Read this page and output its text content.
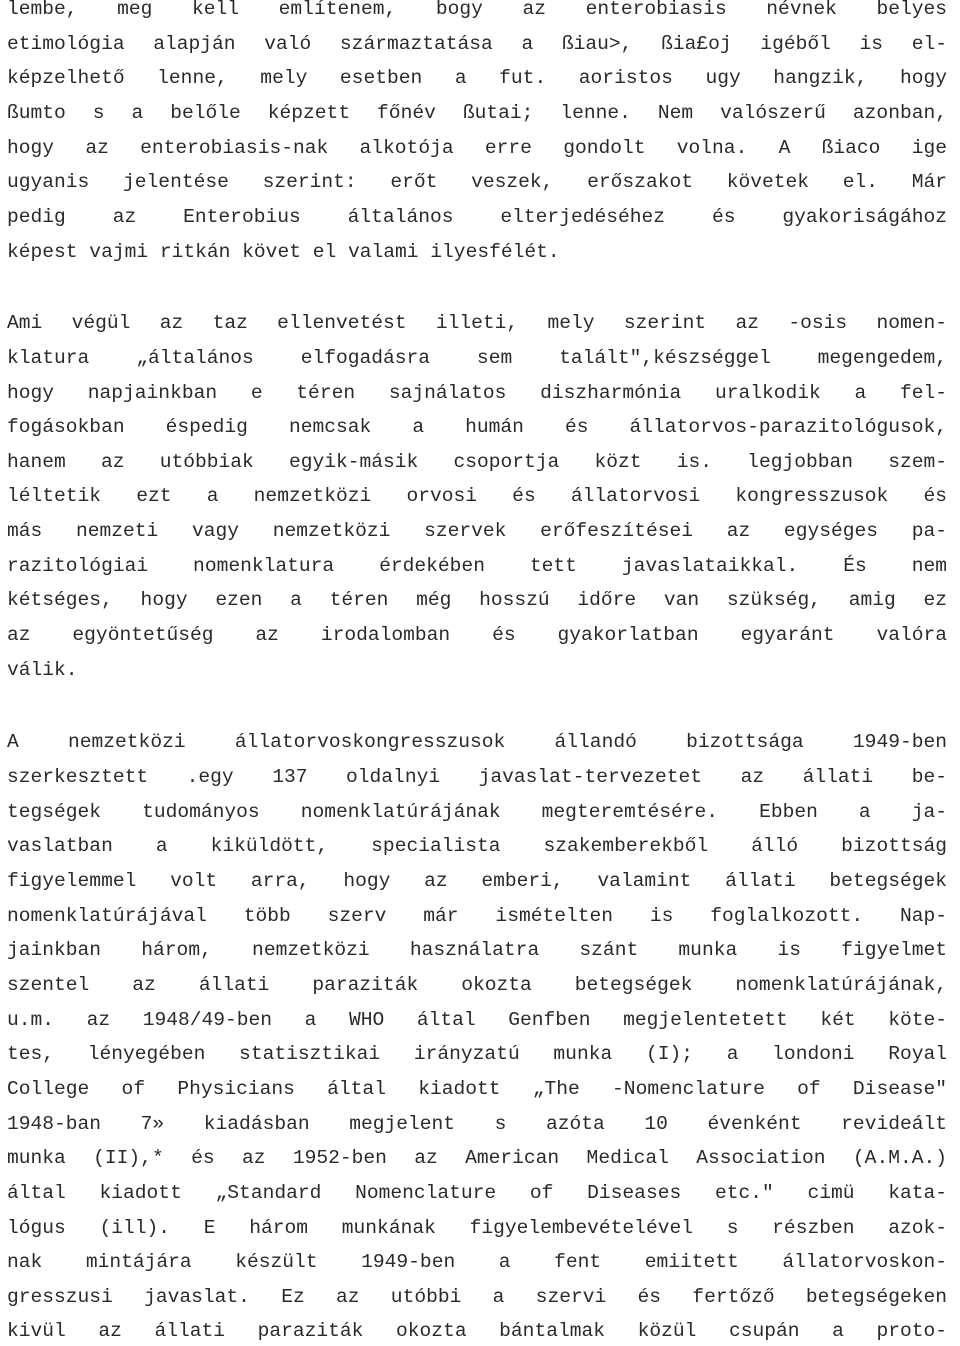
lembe, meg kell említenem, bogy az enterobiasis névnek belyes

etimológia alapján való származtatása a ßiau>, ßia£oj igéből is el-

képzelhető lenne, mely esetben a fut. aoristos ugy hangzik, hogy

ßumto s a belőle képzett főnév ßutai; lenne. Nem valószerű azonban,

hogy az enterobiasis-nak alkotója erre gondolt volna. A ßiaco ige

ugyanis jelentése szerint: erőt veszek, erőszakot követek el. Már

pedig az Enterobius általános elterjedéséhez és gyakoriságához

képest vajmi ritkán követ el valami ilyesfélét.

Ami végül az taz ellenvetést illeti, mely szerint az -osis nomen-

klatura „általános elfogadásra sem talált",készséggel megengedem,

hogy napjainkban e téren sajnálatos diszharmónia uralkodik a fel-

fogásokban éspedig nemcsak a humán és állatorvos-parazitológusok,

hanem az utóbbiak egyik-másik csoportja közt is. legjobban szem-

léltetik ezt a nemzetközi orvosi és állatorvosi kongresszusok és

más nemzeti vagy nemzetközi szervek erőfeszítései az egységes pa-

razitológiai nomenklatura érdekében tett javaslataikkal. És nem

kétséges, hogy ezen a téren még hosszú időre van szükség, amig ez

az egyöntetűség az irodalomban és gyakorlatban egyaránt valóra

válik.

A nemzetközi állatorvoskongresszusok állandó bizottsága 1949-ben

szerkesztett .egy 137 oldalnyi javaslat-tervezetet az állati be-

tegségek tudományos nomenklatúrájának megteremtésére. Ebben a ja-

vaslatban a kiküldött, specialista szakemberekből álló bizottság

figyelemmel volt arra, hogy az emberi, valamint állati betegségek

nomenklatúrájával több szerv már ismételten is foglalkozott. Nap-

jainkban három, nemzetközi használatra szánt munka is figyelmet

szentel az állati paraziták okozta betegségek nomenklatúrájának,

u.m. az 1948/49-ben a WHO által Genfben megjelentetett két köte-

tes, lényegében statisztikai irányzatú munka (I); a londoni Royal

College of Physicians által kiadott „The -Nomenclature of Disease"

1948-ban 7» kiadásban megjelent s azóta 10 évenként revideált

munka (II),* és az 1952-ben az American Medical Association (A.M.A.)

által kiadott „Standard Nomenclature of Diseases etc." cimü kata-

lógus (ill). E három munkának figyelembevételével s részben azok-

nak mintájára készült 1949-ben a fent emiitett állatorvoskon-

gresszusi javaslat. Ez az utóbbi a szervi és fertőző betegségeken

kivül az állati paraziták okozta bántalmak közül csupán a proto-
